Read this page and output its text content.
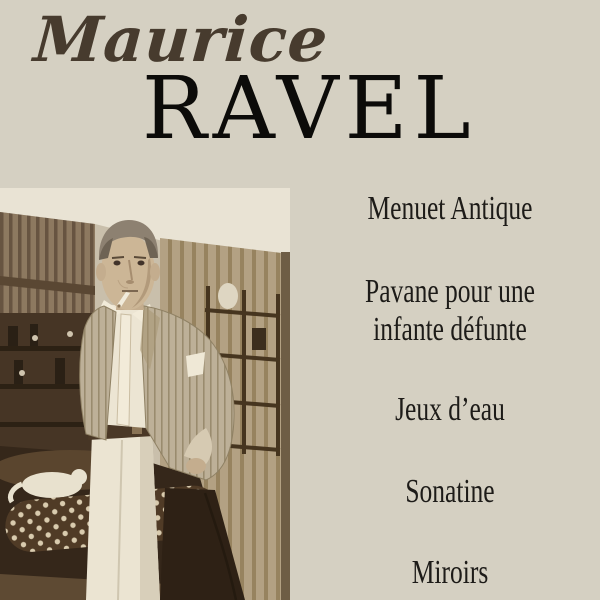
Maurice
RAVEL
Menuet Antique
Pavane pour une infante défunte
Jeux d’eau
Sonatine
Miroirs
